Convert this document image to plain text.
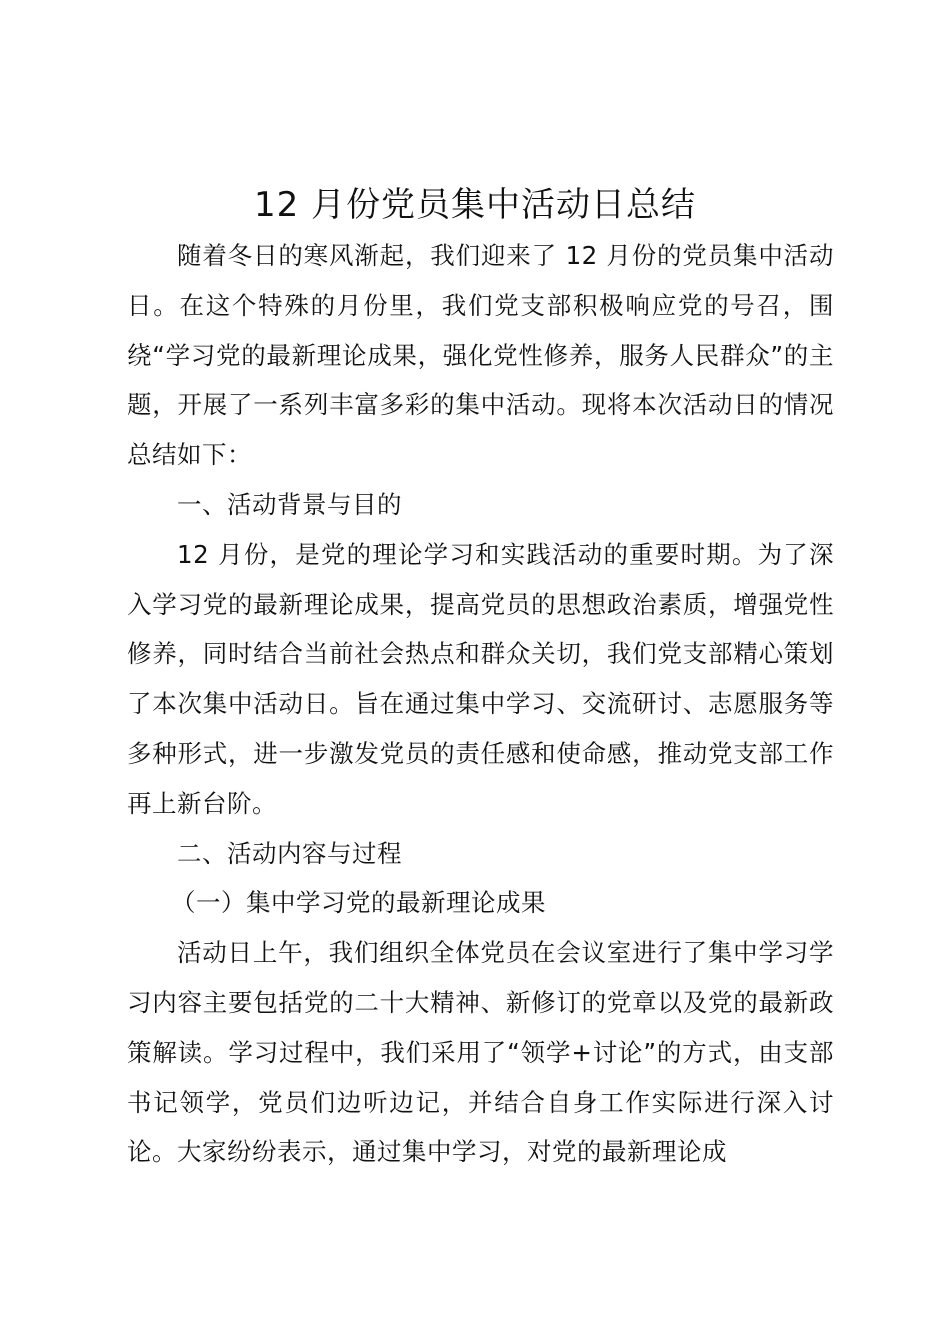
12 月份党员集中活动日总结

随着冬日的寒风渐起，我们迎来了 12 月份的党员集中活动日。在这个特殊的月份里，我们党支部积极响应党的号召，围绕“学习党的最新理论成果，强化党性修养，服务人民群众”的主题，开展了一系列丰富多彩的集中活动。现将本次活动日的情况总结如下：

一、活动背景与目的

12 月份，是党的理论学习和实践活动的重要时期。为了深入学习党的最新理论成果，提高党员的思想政治素质，增强党性修养，同时结合当前社会热点和群众关切，我们党支部精心策划了本次集中活动日。旨在通过集中学习、交流研讨、志愿服务等多种形式，进一步激发党员的责任感和使命感，推动党支部工作再上新台阶。

二、活动内容与过程

（一）集中学习党的最新理论成果

活动日上午，我们组织全体党员在会议室进行了集中学习学习内容主要包括党的二十大精神、新修订的党章以及党的最新政策解读。学习过程中，我们采用了“领学+讨论”的方式，由支部书记领学，党员们边听边记，并结合自身工作实际进行深入讨论。大家纷纷表示，通过集中学习，对党的最新理论成
